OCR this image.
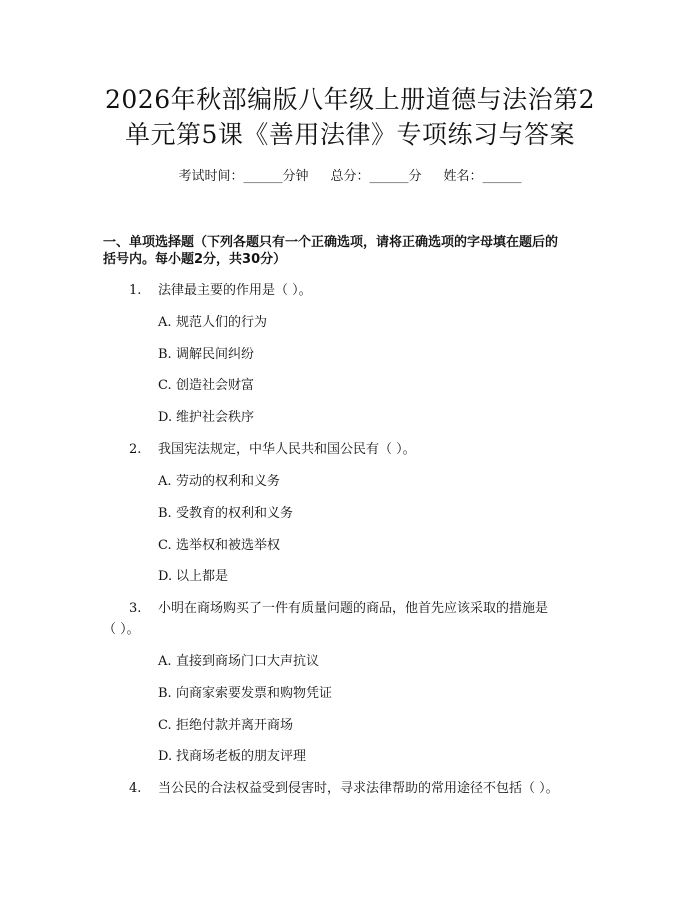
2026年秋部编版八年级上册道德与法治第2
单元第5课《善用法律》专项练习与答案
考试时间：______分钟 总分：______分 姓名：______
一、单项选择题（下列各题只有一个正确选项，请将正确选项的字母填在题后的
括号内。每小题2分，共30分）
1.	法律最主要的作用是（ ）。
A. 规范人们的行为
B. 调解民间纠纷
C. 创造社会财富
D. 维护社会秩序
2.	我国宪法规定，中华人民共和国公民有（ ）。
A. 劳动的权利和义务
B. 受教育的权利和义务
C. 选举权和被选举权
D. 以上都是
3.	小明在商场购买了一件有质量问题的商品，他首先应该采取的措施是
（ ）。
A. 直接到商场门口大声抗议
B. 向商家索要发票和购物凭证
C. 拒绝付款并离开商场
D. 找商场老板的朋友评理
4.	当公民的合法权益受到侵害时，寻求法律帮助的常用途径不包括（ ）。
